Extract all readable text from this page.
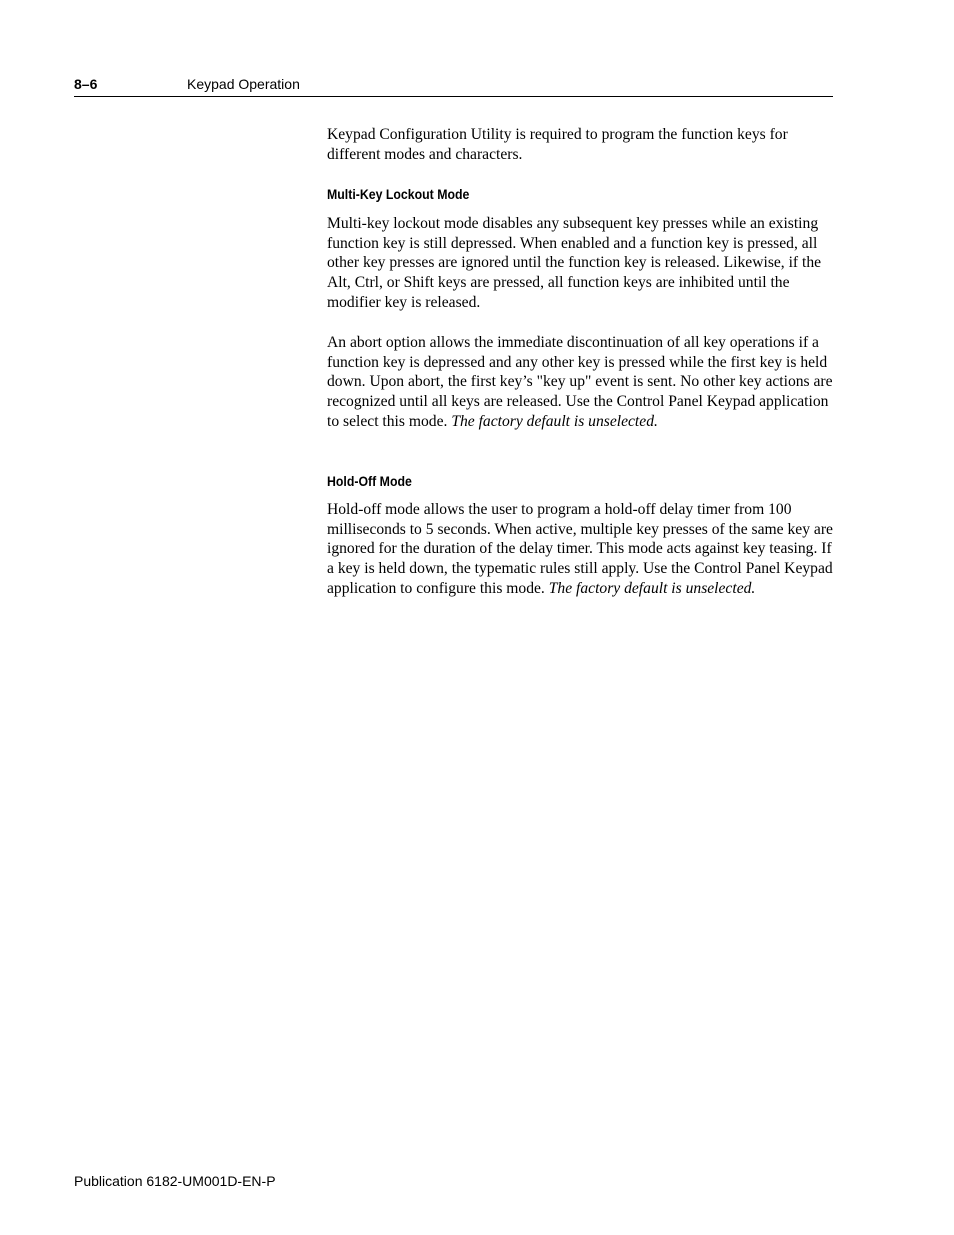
8–6	Keypad Operation

Keypad Configuration Utility is required to program the function keys for different modes and characters.

Multi-Key Lockout Mode

Multi-key lockout mode disables any subsequent key presses while an existing function key is still depressed. When enabled and a function key is pressed, all other key presses are ignored until the function key is released. Likewise, if the Alt, Ctrl, or Shift keys are pressed, all function keys are inhibited until the modifier key is released.

An abort option allows the immediate discontinuation of all key operations if a function key is depressed and any other key is pressed while the first key is held down. Upon abort, the first key’s "key up" event is sent. No other key actions are recognized until all keys are released. Use the Control Panel Keypad application to select this mode. The factory default is unselected.

Hold-Off Mode

Hold-off mode allows the user to program a hold-off delay timer from 100 milliseconds to 5 seconds. When active, multiple key presses of the same key are ignored for the duration of the delay timer. This mode acts against key teasing. If a key is held down, the typematic rules still apply. Use the Control Panel Keypad application to configure this mode. The factory default is unselected.

Publication 6182-UM001D-EN-P
